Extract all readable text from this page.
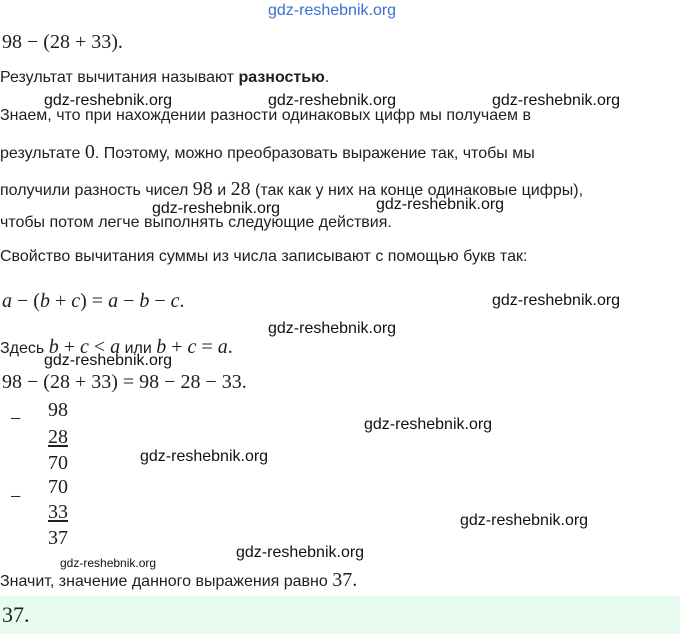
gdz-reshebnik.org
gdz-reshebnik.org	gdz-reshebnik.org	gdz-reshebnik.org
gdz-reshebnik.org	gdz-reshebnik.org
gdz-reshebnik.org
gdz-reshebnik.org
gdz-reshebnik.org
gdz-reshebnik.org
gdz-reshebnik.org
gdz-reshebnik.org
gdz-reshebnik.org
gdz-reshebnik.org
98 − (28 + 33).
Результат вычитания называют разностью.
Знаем, что при нахождении разности одинаковых цифр мы получаем в
результате 0. Поэтому, можно преобразовать выражение так, чтобы мы
получили разность чисел 98 и 28 (так как у них на конце одинаковые цифры),
чтобы потом легче выполнять следующие действия.
Свойство вычитания суммы из числа записывают с помощью букв так:
a − (b + c) = a − b − c.
Здесь b + c < a или b + c = a.
98 − (28 + 33) = 98 − 28 − 33.
− 98
28
70
− 70
33
37
Значит, значение данного выражения равно 37.
37.
